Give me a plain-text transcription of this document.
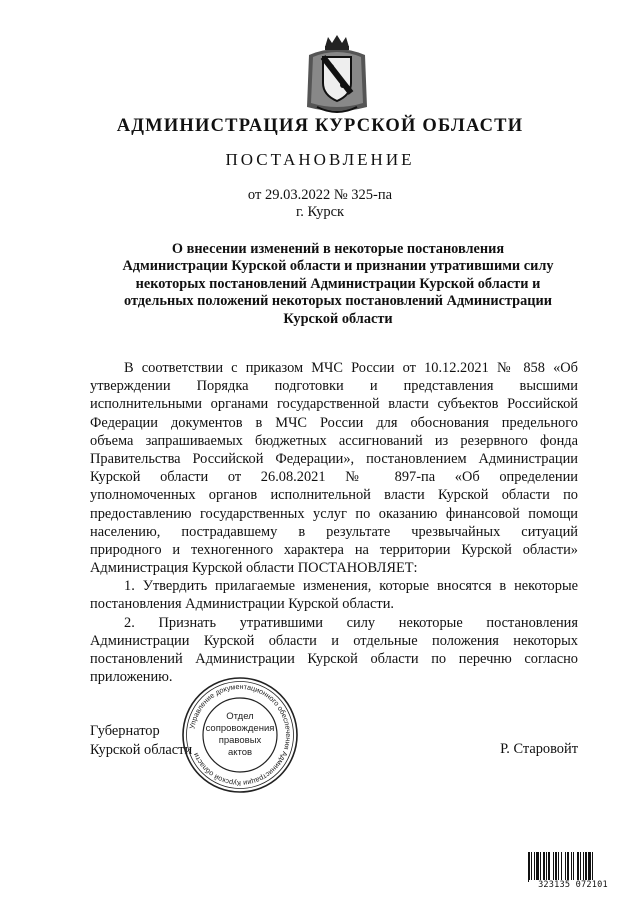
АДМИНИСТРАЦИЯ КУРСКОЙ ОБЛАСТИ
ПОСТАНОВЛЕНИЕ
от 29.03.2022 № 325-па
г. Курск
О внесении изменений в некоторые постановления
Администрации Курской области и признании утратившими силу
некоторых постановлений Администрации Курской области и
отдельных положений некоторых постановлений Администрации
Курской области
В соответствии с приказом МЧС России от 10.12.2021 № 858 «Об
утверждении Порядка подготовки и представления высшими
исполнительными органами государственной власти субъектов Российской
Федерации документов в МЧС России для обоснования предельного
объема запрашиваемых бюджетных ассигнований из резервного фонда
Правительства Российской Федерации», постановлением Администрации
Курской области от 26.08.2021 № 897-па «Об определении
уполномоченных органов исполнительной власти Курской области по
предоставлению государственных услуг по оказанию финансовой помощи
населению, пострадавшему в результате чрезвычайных ситуаций
природного и техногенного характера на территории Курской области»
Администрация Курской области ПОСТАНОВЛЯЕТ:
1. Утвердить прилагаемые изменения, которые вносятся в некоторые
постановления Администрации Курской области.
2. Признать утратившими силу некоторые постановления
Администрации Курской области и отдельные положения некоторых
постановлений Администрации Курской области по перечню согласно
приложению.
Губернатор
Курской области	Р. Старовойт
Управление документационного обеспечения Администрации Курской области
Отдел
сопровождения
правовых
актов
323135 072101
